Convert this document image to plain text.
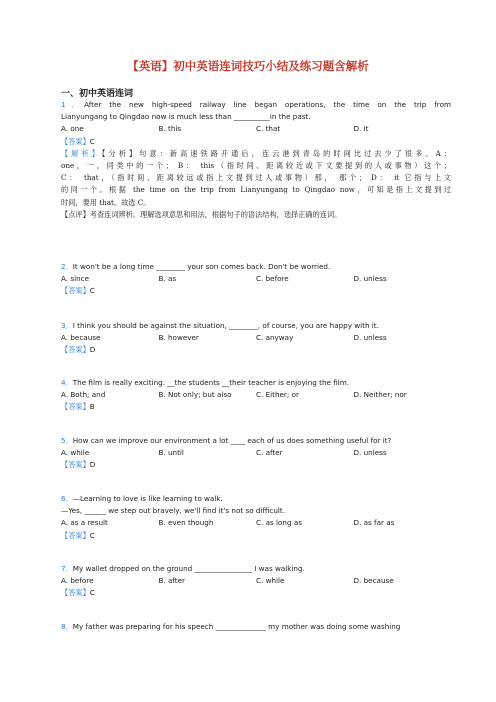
【英语】初中英语连词技巧小结及练习题含解析
一、初中英语连词
1．After the new high-speed railway line began operations, the time on the trip from
Lianyungang to Qingdao now is much less than __________in the past.
A. one	B. this	C. that	D. it
【答案】C
【解析】【分析】句意：新高速铁路开通后，连云港到青岛的时间比过去少了很多。A：
one，一，同类中的一个； B： this（指时间、距离较近或下文要提到的人或事物）这个；
C： that，（指时间、距离较远或指上文提到过人或事物）那， 那个； D： it 它指与上文
的同一个。根据 the time on the trip from Lianyungang to Qingdao now，可知是指上文提到过
时间，要用 that。故选 C。
【点评】考查连词辨析。理解选项意思和用法，根据句子的语法结构，选择正确的连词。
2．It won't be a long time ________ your son comes back. Don't be worried.
A. since	B. as	C. before	D. unless
【答案】C
3．I think you should be against the situation, ________, of course, you are happy with it.
A. because	B. however	C. anyway	D. unless
【答案】D
4．The film is really exciting. __the students __their teacher is enjoying the film.
A. Both; and	B. Not only; but also	C. Either; or	D. Neither; nor
【答案】B
5．How can we improve our environment a lot ____ each of us does something useful for it?
A. while	B. until	C. after	D. unless
【答案】D
6．—Learning to love is like learning to walk.
—Yes, ______ we step out bravely, we'll find it's not so difficult.
A. as a result	B. even though	C. as long as	D. as far as
【答案】C
7．My wallet dropped on the ground ________________ I was walking.
A. before	B. after	C. while	D. because
【答案】C
8．My father was preparing for his speech ______________ my mother was doing some washing
